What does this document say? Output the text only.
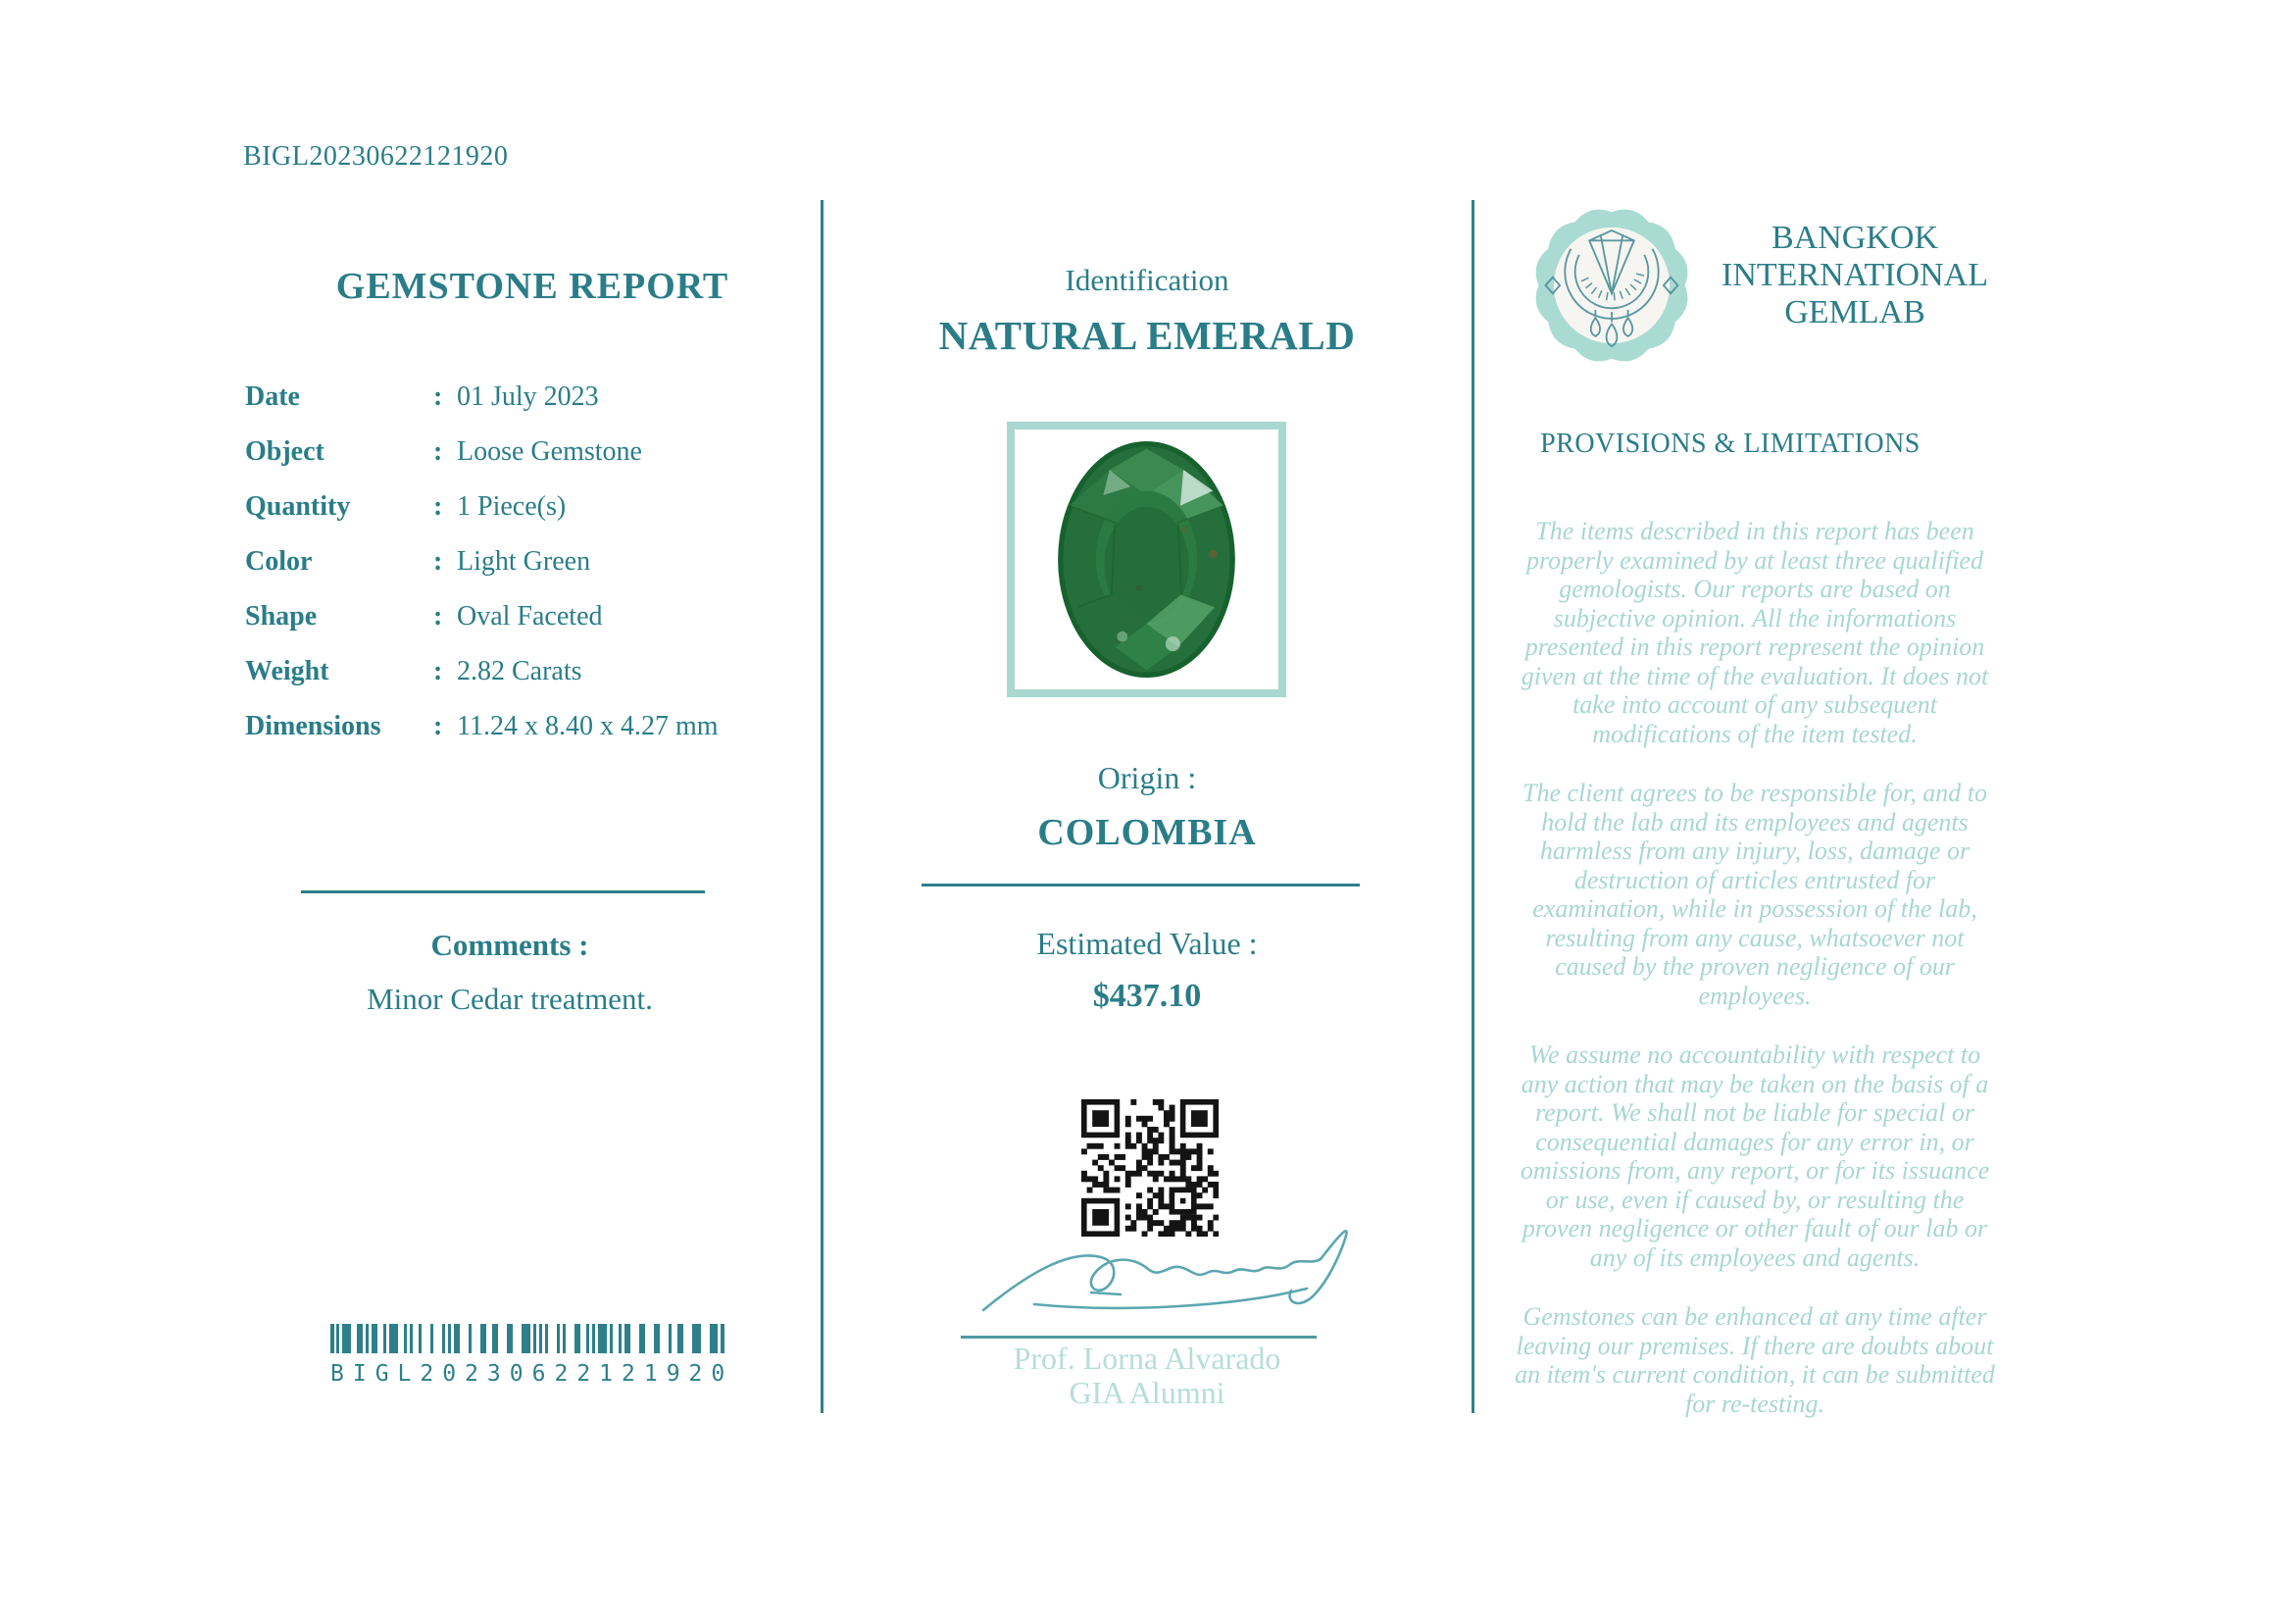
BIGL20230622121920
GEMSTONE REPORT
Date	: 01 July 2023
Object	: Loose Gemstone
Quantity	: 1 Piece(s)
Color	: Light Green
Shape	: Oval Faceted
Weight	: 2.82 Carats
Dimensions	: 11.24 x 8.40 x 4.27 mm
Comments :
Minor Cedar treatment.
BIGL20230622121920
Identification
NATURAL EMERALD
Origin :
COLOMBIA
Estimated Value :
$437.10
Prof. Lorna Alvarado
GIA Alumni
BANGKOK
INTERNATIONAL
GEMLAB
PROVISIONS & LIMITATIONS

The items described in this report has been properly examined by at least three qualified gemologists. Our reports are based on subjective opinion. All the informations presented in this report represent the opinion given at the time of the evaluation. It does not take into account of any subsequent modifications of the item tested.

The client agrees to be responsible for, and to hold the lab and its employees and agents harmless from any injury, loss, damage or destruction of articles entrusted for examination, while in possession of the lab, resulting from any cause, whatsoever not caused by the proven negligence of our employees.

We assume no accountability with respect to any action that may be taken on the basis of a report. We shall not be liable for special or consequential damages for any error in, or omissions from, any report, or for its issuance or use, even if caused by, or resulting the proven negligence or other fault of our lab or any of its employees and agents.

Gemstones can be enhanced at any time after leaving our premises. If there are doubts about an item's current condition, it can be submitted for re-testing.
